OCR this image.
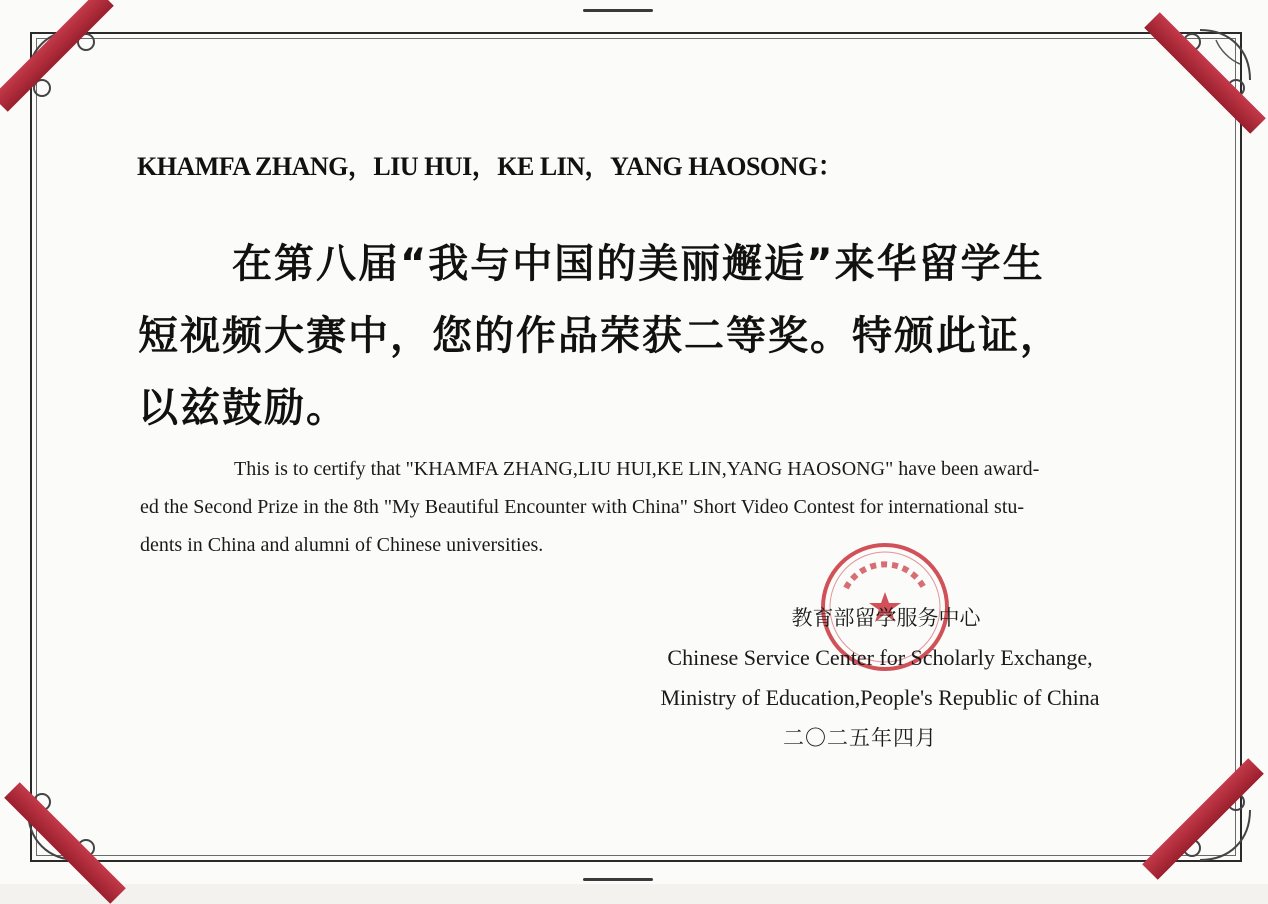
KHAMFA ZHANG，LIU HUI，KE LIN，YANG HAOSONG：
在第八届“我与中国的美丽邂逅”来华留学生
短视频大赛中，您的作品荣获二等奖。特颁此证，
以兹鼓励。
This is to certify that "KHAMFA ZHANG,LIU HUI,KE LIN,YANG HAOSONG" have been award-
ed the Second Prize in the 8th "My Beautiful Encounter with China" Short Video Contest for international stu-
dents in China and alumni of Chinese universities.
教育部留学服务中心
Chinese Service Center for Scholarly Exchange,
Ministry of Education,People's Republic of China
二〇二五年四月
